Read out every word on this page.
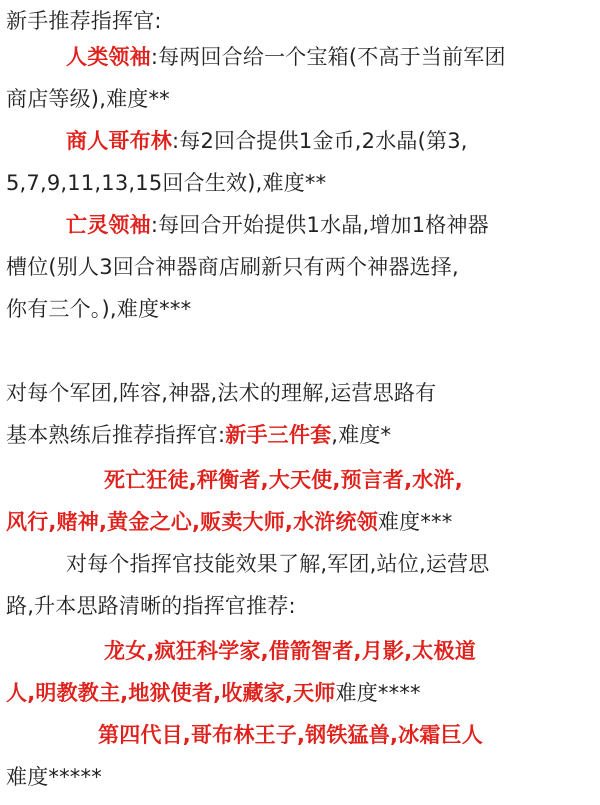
新手推荐指挥官:
人类领袖:每两回合给一个宝箱(不高于当前军团
商店等级),难度**
商人哥布林:每2回合提供1金币,2水晶(第3,
5,7,9,11,13,15回合生效),难度**
亡灵领袖:每回合开始提供1水晶,增加1格神器
槽位(别人3回合神器商店刷新只有两个神器选择,
你有三个。),难度***
对每个军团,阵容,神器,法术的理解,运营思路有
基本熟练后推荐指挥官:新手三件套,难度*
死亡狂徒,秤衡者,大天使,预言者,水浒,
风行,赌神,黄金之心,贩卖大师,水浒统领难度***
对每个指挥官技能效果了解,军团,站位,运营思
路,升本思路清晰的指挥官推荐:
龙女,疯狂科学家,借箭智者,月影,太极道
人,明教教主,地狱使者,收藏家,天师难度****
第四代目,哥布林王子,钢铁猛兽,冰霜巨人
难度*****
